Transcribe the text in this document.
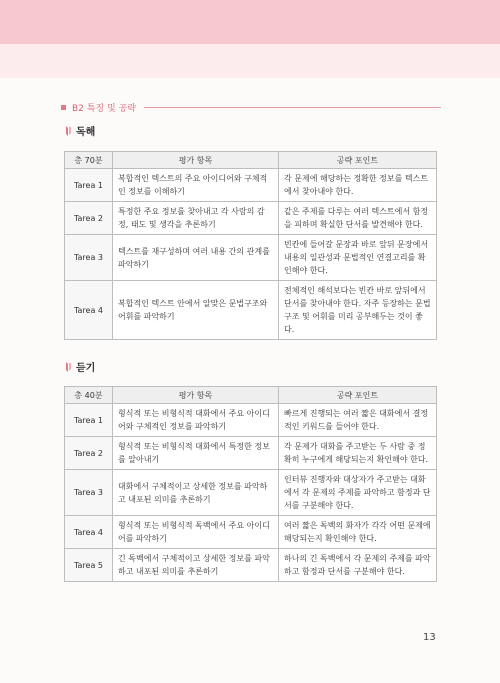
B2 특징 및 공략
독해
총 70분	평가 항목	공략 포인트
Tarea 1	복합적인 텍스트의 주요 아이디어와 구체적인 정보를 이해하기	각 문제에 해당하는 정확한 정보를 텍스트에서 찾아내야 한다.
Tarea 2	특정한 주요 정보를 찾아내고 각 사람의 감정, 태도 및 생각을 추론하기	같은 주제를 다루는 여러 텍스트에서 함정을 피하며 확실한 단서를 발견해야 한다.
Tarea 3	텍스트를 재구성하며 여러 내용 간의 관계를 파악하기	빈칸에 들어갈 문장과 바로 앞뒤 문장에서 내용의 일관성과 문법적인 연결고리를 확인해야 한다.
Tarea 4	복합적인 텍스트 안에서 알맞은 문법구조와 어휘를 파악하기	전체적인 해석보다는 빈칸 바로 앞뒤에서 단서를 찾아내야 한다. 자주 등장하는 문법구조 및 어휘를 미리 공부해두는 것이 좋다.
듣기
총 40분	평가 항목	공략 포인트
Tarea 1	형식적 또는 비형식적 대화에서 주요 아이디어와 구체적인 정보를 파악하기	빠르게 진행되는 여러 짧은 대화에서 결정적인 키워드를 들어야 한다.
Tarea 2	형식적 또는 비형식적 대화에서 특정한 정보를 알아내기	각 문제가 대화를 주고받는 두 사람 중 정확히 누구에게 해당되는지 확인해야 한다.
Tarea 3	대화에서 구체적이고 상세한 정보를 파악하고 내포된 의미를 추론하기	인터뷰 진행자와 대상자가 주고받는 대화에서 각 문제의 주제를 파악하고 함정과 단서를 구분해야 한다.
Tarea 4	형식적 또는 비형식적 독백에서 주요 아이디어를 파악하기	여러 짧은 독백의 화자가 각각 어떤 문제에 해당되는지 확인해야 한다.
Tarea 5	긴 독백에서 구체적이고 상세한 정보를 파악하고 내포된 의미를 추론하기	하나의 긴 독백에서 각 문제의 주제를 파악하고 함정과 단서를 구분해야 한다.
13
